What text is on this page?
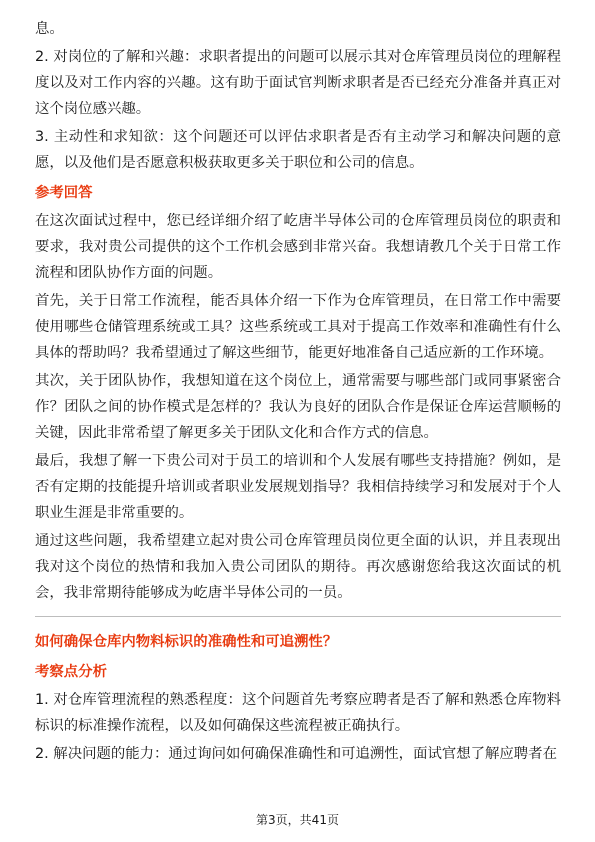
息。

2. 对岗位的了解和兴趣：求职者提出的问题可以展示其对仓库管理员岗位的理解程度以及对工作内容的兴趣。这有助于面试官判断求职者是否已经充分准备并真正对这个岗位感兴趣。

3. 主动性和求知欲：这个问题还可以评估求职者是否有主动学习和解决问题的意愿，以及他们是否愿意积极获取更多关于职位和公司的信息。

参考回答

在这次面试过程中，您已经详细介绍了屹唐半导体公司的仓库管理员岗位的职责和要求，我对贵公司提供的这个工作机会感到非常兴奋。我想请教几个关于日常工作流程和团队协作方面的问题。

首先，关于日常工作流程，能否具体介绍一下作为仓库管理员，在日常工作中需要使用哪些仓储管理系统或工具？这些系统或工具对于提高工作效率和准确性有什么具体的帮助吗？我希望通过了解这些细节，能更好地准备自己适应新的工作环境。

其次，关于团队协作，我想知道在这个岗位上，通常需要与哪些部门或同事紧密合作？团队之间的协作模式是怎样的？我认为良好的团队合作是保证仓库运营顺畅的关键，因此非常希望了解更多关于团队文化和合作方式的信息。

最后，我想了解一下贵公司对于员工的培训和个人发展有哪些支持措施？例如，是否有定期的技能提升培训或者职业发展规划指导？我相信持续学习和发展对于个人职业生涯是非常重要的。

通过这些问题，我希望建立起对贵公司仓库管理员岗位更全面的认识，并且表现出我对这个岗位的热情和我加入贵公司团队的期待。再次感谢您给我这次面试的机会，我非常期待能够成为屹唐半导体公司的一员。

如何确保仓库内物料标识的准确性和可追溯性？
考察点分析

1. 对仓库管理流程的熟悉程度：这个问题首先考察应聘者是否了解和熟悉仓库物料标识的标准操作流程，以及如何确保这些流程被正确执行。

2. 解决问题的能力：通过询问如何确保准确性和可追溯性，面试官想了解应聘者在

第3页，共41页
